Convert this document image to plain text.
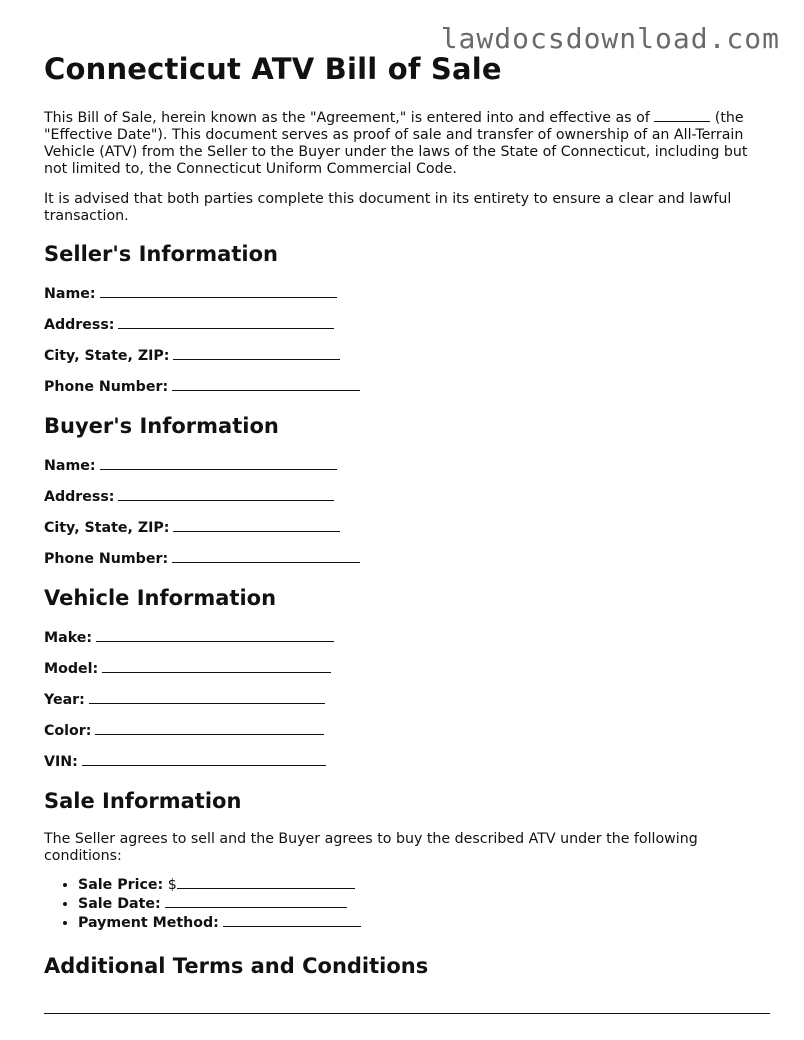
lawdocsdownload.com
Connecticut ATV Bill of Sale

This Bill of Sale, herein known as the "Agreement," is entered into and effective as of	(the "Effective Date"). This document serves as proof of sale and transfer of ownership of an All-Terrain Vehicle (ATV) from the Seller to the Buyer under the laws of the State of Connecticut, including but not limited to, the Connecticut Uniform Commercial Code.

It is advised that both parties complete this document in its entirety to ensure a clear and lawful transaction.

Seller's Information
Name:
Address:
City, State, ZIP:
Phone Number:
Buyer's Information
Name:
Address:
City, State, ZIP:
Phone Number:
Vehicle Information
Make:
Model:
Year:
Color:
VIN:
Sale Information

The Seller agrees to sell and the Buyer agrees to buy the described ATV under the following conditions:

• Sale Price: $
• Sale Date:
• Payment Method:
Additional Terms and Conditions
